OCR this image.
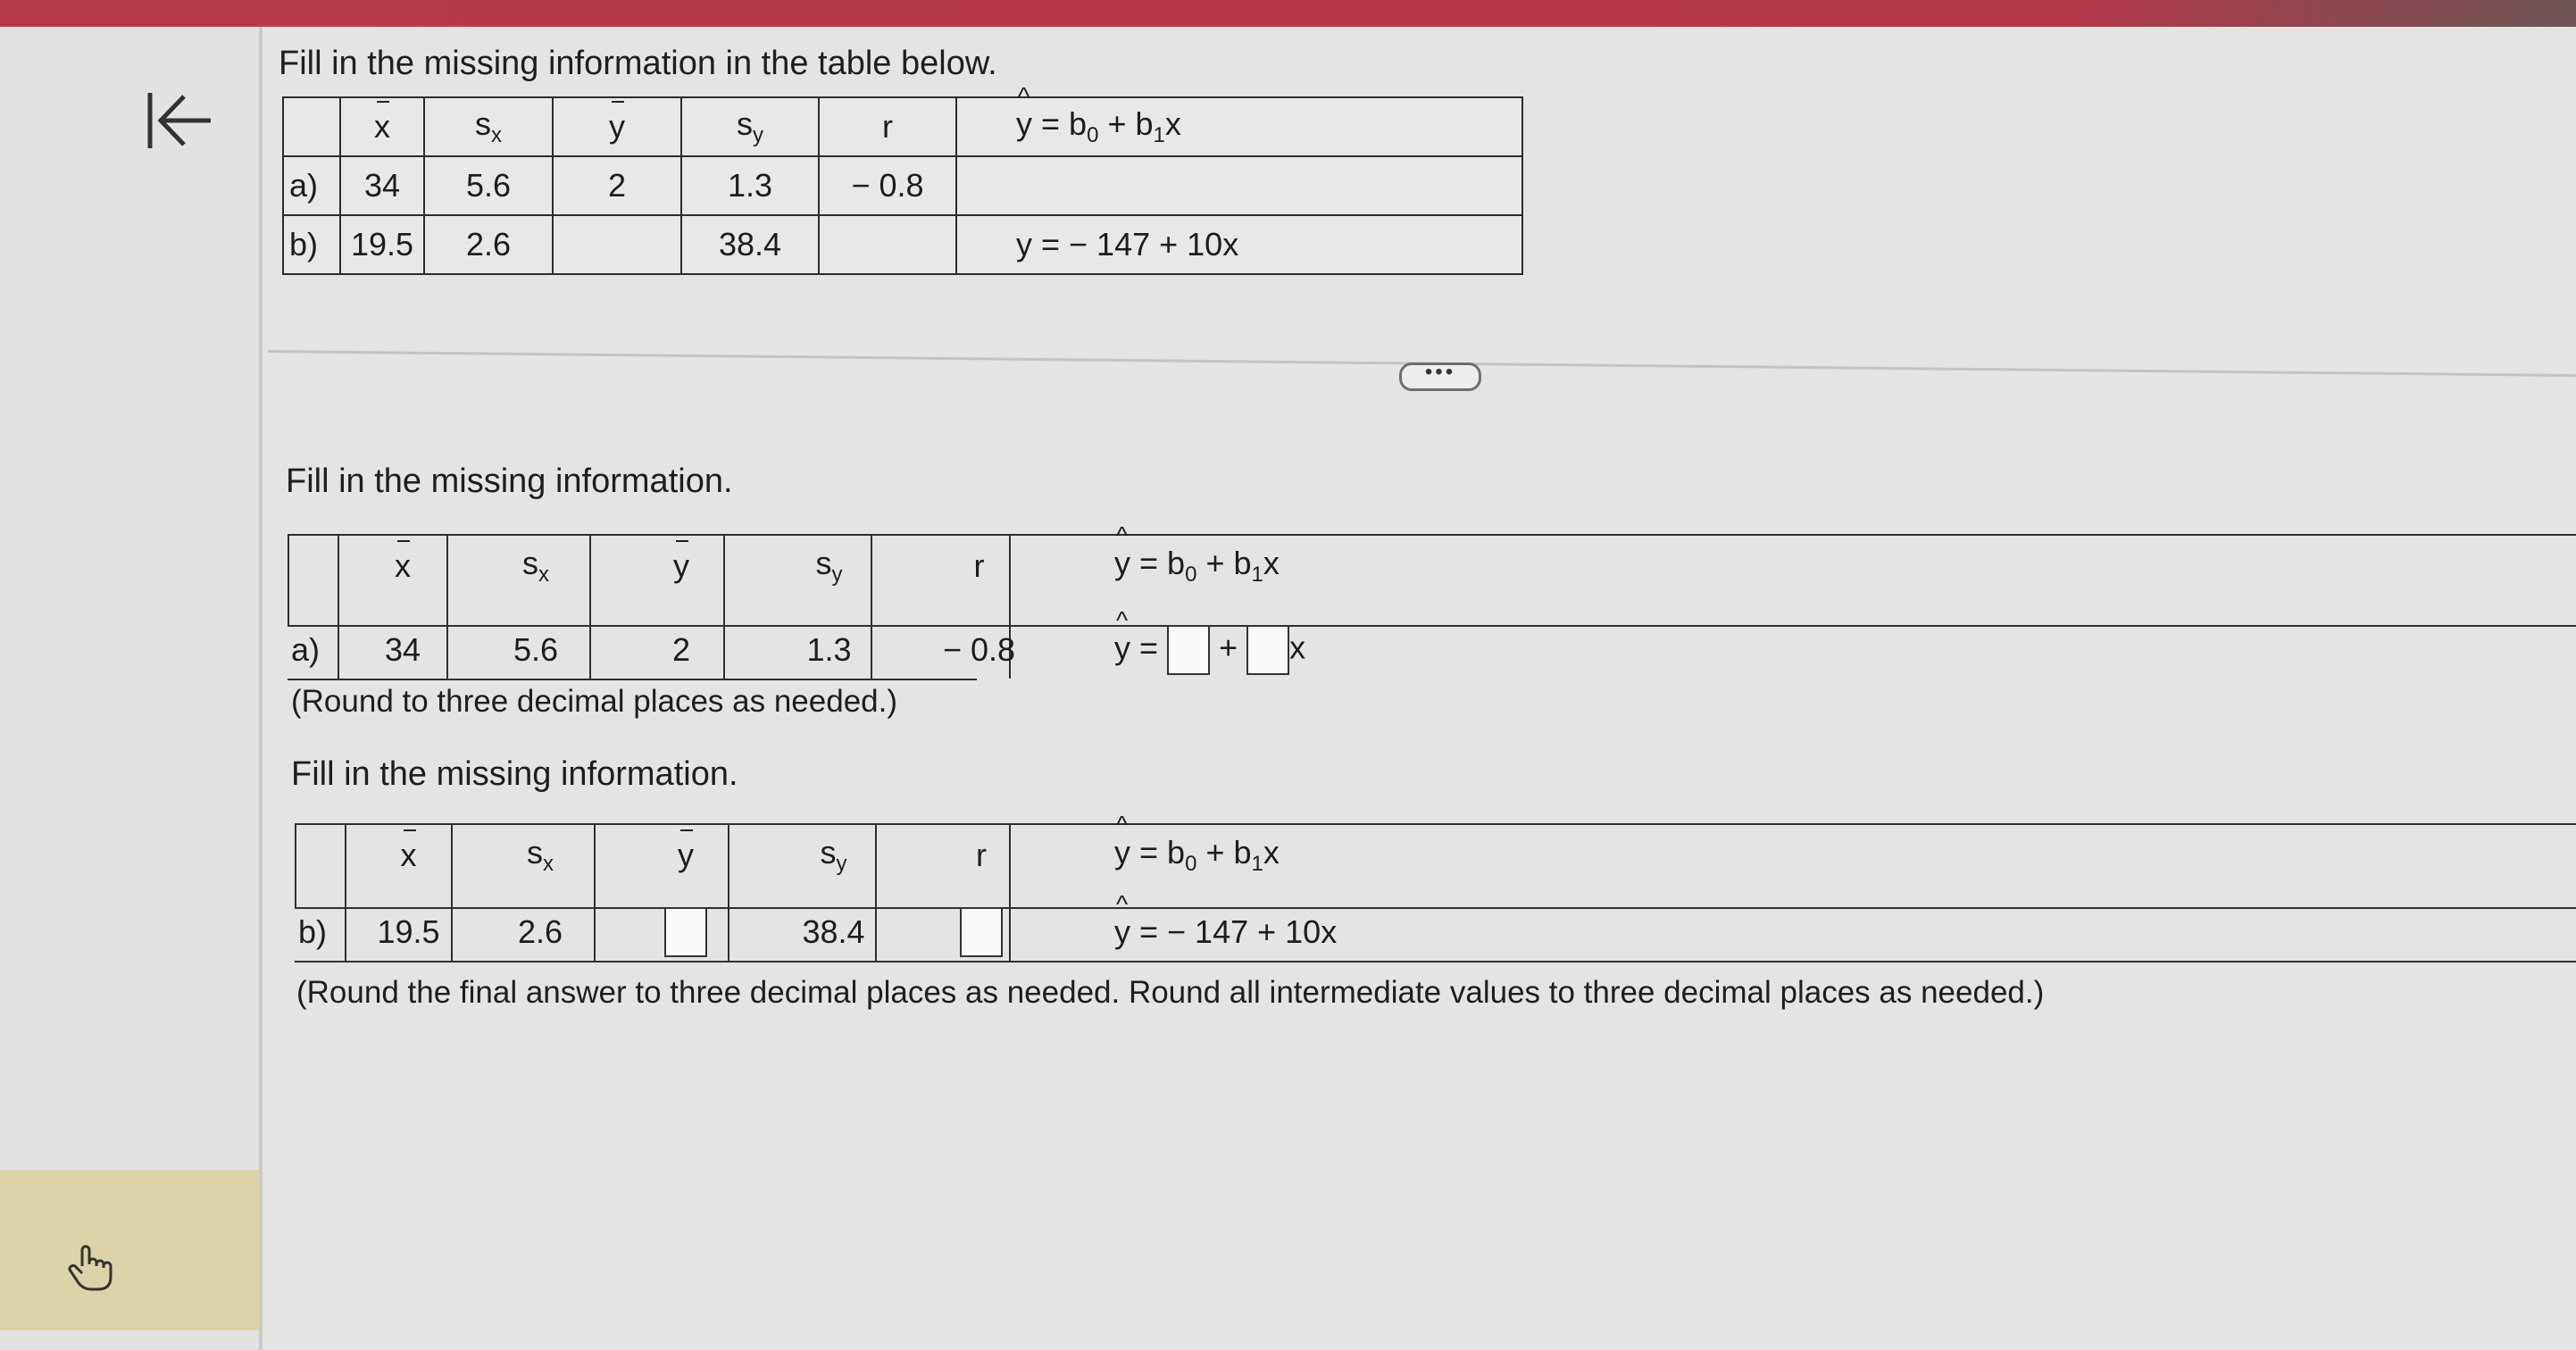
Fill in the missing information in the table below.
	x	$s_x$	y	$s_y$	r	^ $y = b_0 + b_1x$
a)	34	5.6	2	1.3	− 0.8	
b)	19.5	2.6		38.4		y = − 147 + 10x
•••
Fill in the missing information.
	x	$s_x$	y	$s_y$	r	^y = $b_0 + b_1x$
a)	34	5.6	2	1.3	− 0.8	^y = + x
(Round to three decimal places as needed.)
Fill in the missing information.
	x	$s_x$	y	$s_y$	r	^y = $b_0 + b_1x$
b)	19.5	2.6		38.4		^y = − 147 + 10x
(Round the final answer to three decimal places as needed. Round all intermediate values to three decimal places as needed.)
